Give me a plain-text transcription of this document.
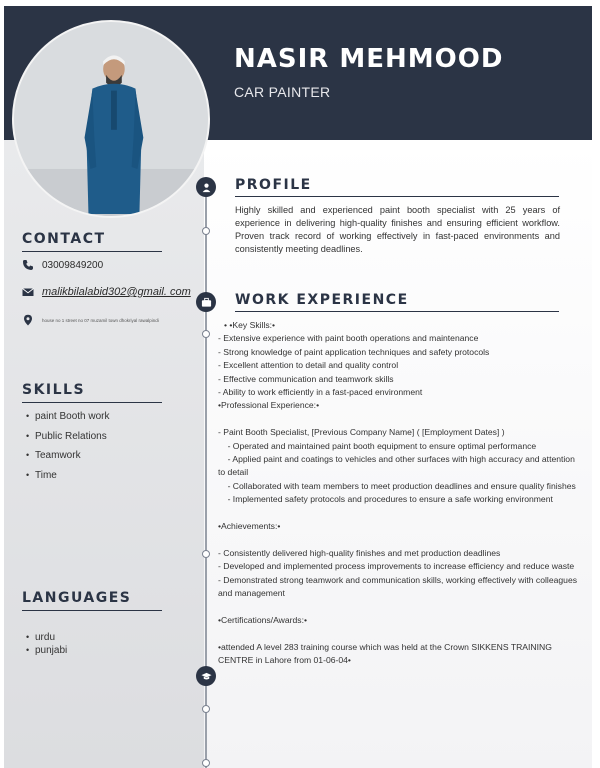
NASIR MEHMOOD
CAR PAINTER
CONTACT
03009849200
malikbilalabid302@gmail. com
house no 1 street no 07 muzamil town dhokriyal rawalpindi
SKILLS
• paint Booth work
• Public Relations
• Teamwork
• Time
LANGUAGES
• urdu
• punjabi
PROFILE
Highly skilled and experienced paint booth specialist with 25 years of experience in delivering high-quality finishes and ensuring efficient workflow. Proven track record of working effectively in fast-paced environments and consistently meeting deadlines.
WORK EXPERIENCE

• •Key Skills:•

- Extensive experience with paint booth operations and maintenance

- Strong knowledge of paint application techniques and safety protocols

- Excellent attention to detail and quality control

- Effective communication and teamwork skills

- Ability to work efficiently in a fast-paced environment

•Professional Experience:•

- Paint Booth Specialist, [Previous Company Name] ( [Employment Dates] )

- Operated and maintained paint booth equipment to ensure optimal performance

- Applied paint and coatings to vehicles and other surfaces with high accuracy and attention to detail

- Collaborated with team members to meet production deadlines and ensure quality finishes

- Implemented safety protocols and procedures to ensure a safe working environment

•Achievements:•

- Consistently delivered high-quality finishes and met production deadlines

- Developed and implemented process improvements to increase efficiency and reduce waste

- Demonstrated strong teamwork and communication skills, working effectively with colleagues and management

•Certifications/Awards:•

•attended A level 283 training course which was held at the Crown SIKKENS TRAINING CENTRE in Lahore from 01-06-04•
